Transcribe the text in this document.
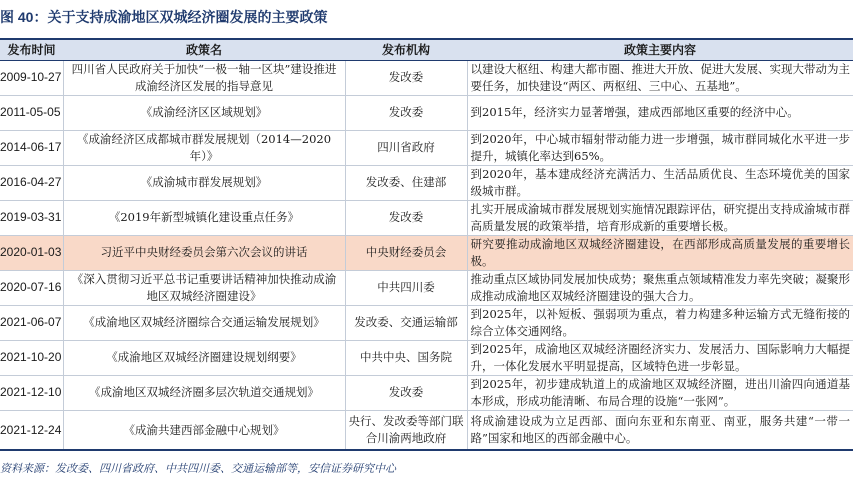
图 40：关于支持成渝地区双城经济圈发展的主要政策
发布时间	政策名	发布机构	政策主要内容
2009-10-27	四川省人民政府关于加快“一极一轴一区块”建设推进成渝经济区发展的指导意见	发改委	以建设大枢纽、构建大都市圈、推进大开放、促进大发展、实现大带动为主要任务，加快建设“两区、两枢纽、三中心、五基地”。
2011-05-05	《成渝经济区区域规划》	发改委	到2015年，经济实力显著增强，建成西部地区重要的经济中心。
2014-06-17	《成渝经济区成都城市群发展规划（2014—2020年）》	四川省政府	到2020年，中心城市辐射带动能力进一步增强，城市群同城化水平进一步提升，城镇化率达到65%。
2016-04-27	《成渝城市群发展规划》	发改委、住建部	到2020年，基本建成经济充满活力、生活品质优良、生态环境优美的国家级城市群。
2019-03-31	《2019年新型城镇化建设重点任务》	发改委	扎实开展成渝城市群发展规划实施情况跟踪评估，研究提出支持成渝城市群高质量发展的政策举措，培育形成新的重要增长极。
2020-01-03	习近平中央财经委员会第六次会议的讲话	中央财经委员会	研究要推动成渝地区双城经济圈建设，在西部形成高质量发展的重要增长极。
2020-07-16	《深入贯彻习近平总书记重要讲话精神加快推动成渝地区双城经济圈建设》	中共四川委	推动重点区域协同发展加快成势；聚焦重点领域精准发力率先突破；凝聚形成推动成渝地区双城经济圈建设的强大合力。
2021-06-07	《成渝地区双城经济圈综合交通运输发展规划》	发改委、交通运输部	到2025年，以补短板、强弱项为重点，着力构建多种运输方式无缝衔接的综合立体交通网络。
2021-10-20	《成渝地区双城经济圈建设规划纲要》	中共中央、国务院	到2025年，成渝地区双城经济圈经济实力、发展活力、国际影响力大幅提升，一体化发展水平明显提高，区域特色进一步彰显。
2021-12-10	《成渝地区双城经济圈多层次轨道交通规划》	发改委	到2025年，初步建成轨道上的成渝地区双城经济圈，进出川渝四向通道基本形成，形成功能清晰、布局合理的设施“一张网”。
2021-12-24	《成渝共建西部金融中心规划》	央行、发改委等部门联合川渝两地政府	将成渝建设成为立足西部、面向东亚和东南亚、南亚，服务共建“一带一路”国家和地区的西部金融中心。
资料来源：发改委、四川省政府、中共四川委、交通运输部等，安信证券研究中心
